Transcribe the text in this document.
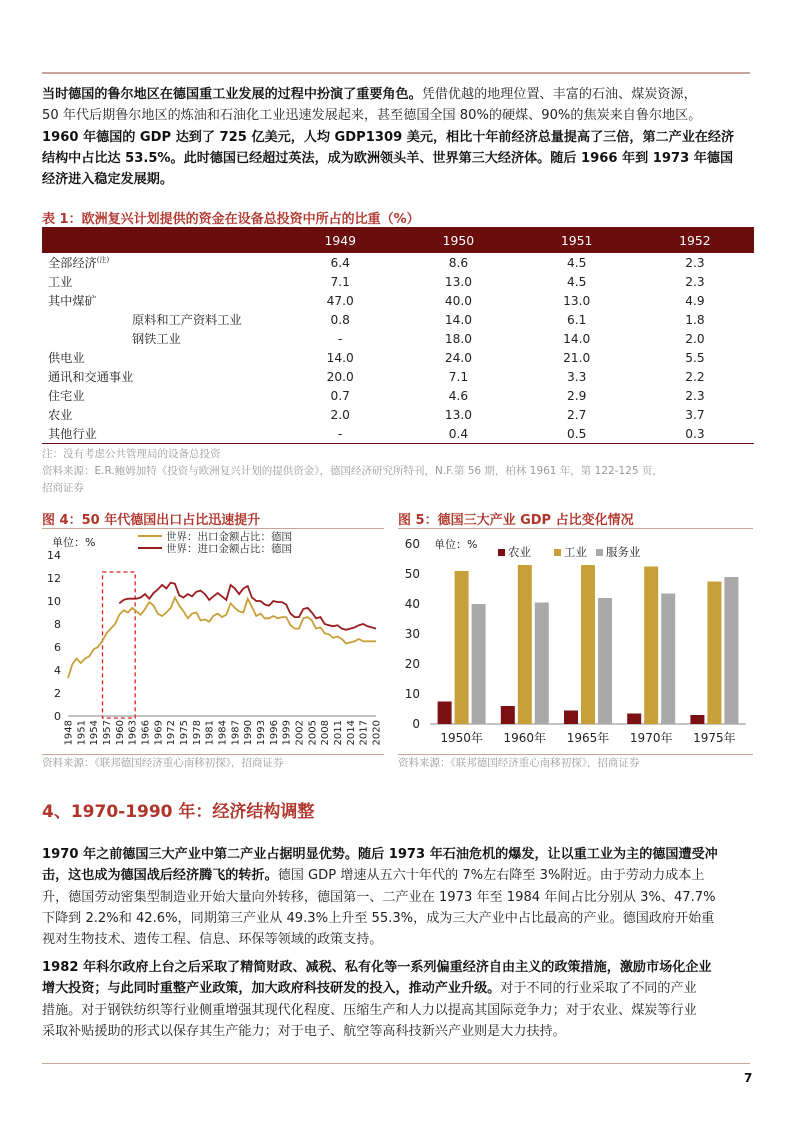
当时德国的鲁尔地区在德国重工业发展的过程中扮演了重要角色。凭借优越的地理位置、丰富的石油、煤炭资源，
50 年代后期鲁尔地区的炼油和石油化工业迅速发展起来，甚至德国全国 80%的硬煤、90%的焦炭来自鲁尔地区。
1960 年德国的 GDP 达到了 725 亿美元，人均 GDP1309 美元，相比十年前经济总量提高了三倍，第二产业在经济
结构中占比达 53.5%。此时德国已经超过英法，成为欧洲领头羊、世界第三大经济体。随后 1966 年到 1973 年德国
经济进入稳定发展期。
表 1：欧洲复兴计划提供的资金在设备总投资中所占的比重（%）
	1949	1950	1951	1952
全部经济$^{(注)}$	6.4	8.6	4.5	2.3
工业	7.1	13.0	4.5	2.3
其中煤矿	47.0	40.0	13.0	4.9
原料和工产资料工业	0.8	14.0	6.1	1.8
钢铁工业	-	18.0	14.0	2.0
供电业	14.0	24.0	21.0	5.5
通讯和交通事业	20.0	7.1	3.3	2.2
住宅业	0.7	4.6	2.9	2.3
农业	2.0	13.0	2.7	3.7
其他行业	-	0.4	0.5	0.3
注：没有考虑公共管理局的设备总投资
资料来源：E.R.鲍姆加特《投资与欧洲复兴计划的提供资金》，德国经济研究所特刊，N.F.第 56 期，柏林 1961 年，第 122-125 页，
招商证券
图 4：50 年代德国出口占比迅速提升	图 5：德国三大产业 GDP 占比变化情况
单位：%
0
2
4
6
8
10
12
14
1948 1951 1954 1957 1960 1963 1966 1969 1972 1975 1978 1981 1984 1987 1990 1993 1996 1999 2002 2005 2008 2011 2014 2017 2020
世界：出口金额占比：德国
世界：进口金额占比：德国
资料来源：《联邦德国经济重心南移初探》，招商证券
0
10
20
30
40
50
60 单位：%
农业	工业 服务业
1950年 1960年 1965年 1970年 1975年
资料来源：《联邦德国经济重心南移初探》，招商证券
4、1970-1990 年：经济结构调整
1970 年之前德国三大产业中第二产业占据明显优势。随后 1973 年石油危机的爆发，让以重工业为主的德国遭受冲
击，这也成为德国战后经济腾飞的转折。德国 GDP 增速从五六十年代的 7%左右降至 3%附近。由于劳动力成本上
升，德国劳动密集型制造业开始大量向外转移，德国第一、二产业在 1973 年至 1984 年间占比分别从 3%、47.7%
下降到 2.2%和 42.6%，同期第三产业从 49.3%上升至 55.3%，成为三大产业中占比最高的产业。德国政府开始重
视对生物技术、遗传工程、信息、环保等领域的政策支持。
1982 年科尔政府上台之后采取了精简财政、减税、私有化等一系列偏重经济自由主义的政策措施，激励市场化企业
增大投资；与此同时重整产业政策，加大政府科技研发的投入，推动产业升级。对于不同的行业采取了不同的产业
措施。对于钢铁纺织等行业侧重增强其现代化程度、压缩生产和人力以提高其国际竞争力；对于农业、煤炭等行业
采取补贴援助的形式以保存其生产能力；对于电子、航空等高科技新兴产业则是大力扶持。
7
